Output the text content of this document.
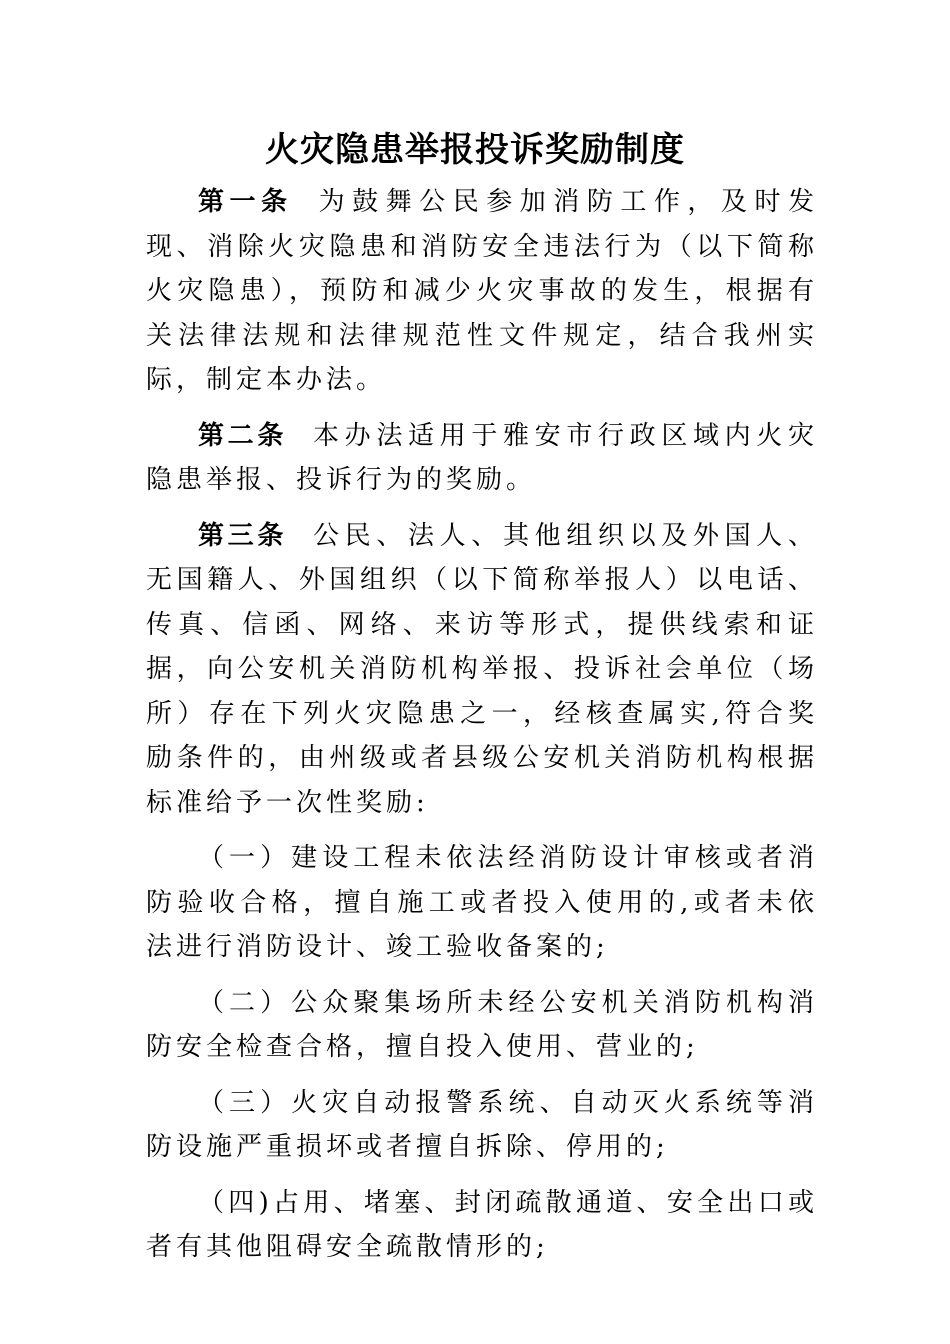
火灾隐患举报投诉奖励制度

第一条 为鼓舞公民参加消防工作，及时发现、消除火灾隐患和消防安全违法行为（以下简称火灾隐患），预防和减少火灾事故的发生，根据有关法律法规和法律规范性文件规定，结合我州实际，制定本办法。

第二条 本办法适用于雅安市行政区域内火灾隐患举报、投诉行为的奖励。

第三条 公民、法人、其他组织以及外国人、无国籍人、外国组织（以下简称举报人）以电话、传真、信函、网络、来访等形式，提供线索和证据，向公安机关消防机构举报、投诉社会单位（场所）存在下列火灾隐患之一，经核查属实,符合奖励条件的，由州级或者县级公安机关消防机构根据标准给予一次性奖励:

（一）建设工程未依法经消防设计审核或者消防验收合格，擅自施工或者投入使用的,或者未依法进行消防设计、竣工验收备案的;

（二）公众聚集场所未经公安机关消防机构消防安全检查合格，擅自投入使用、营业的;

（三）火灾自动报警系统、自动灭火系统等消防设施严重损坏或者擅自拆除、停用的;

（四)占用、堵塞、封闭疏散通道、安全出口或者有其他阻碍安全疏散情形的;
